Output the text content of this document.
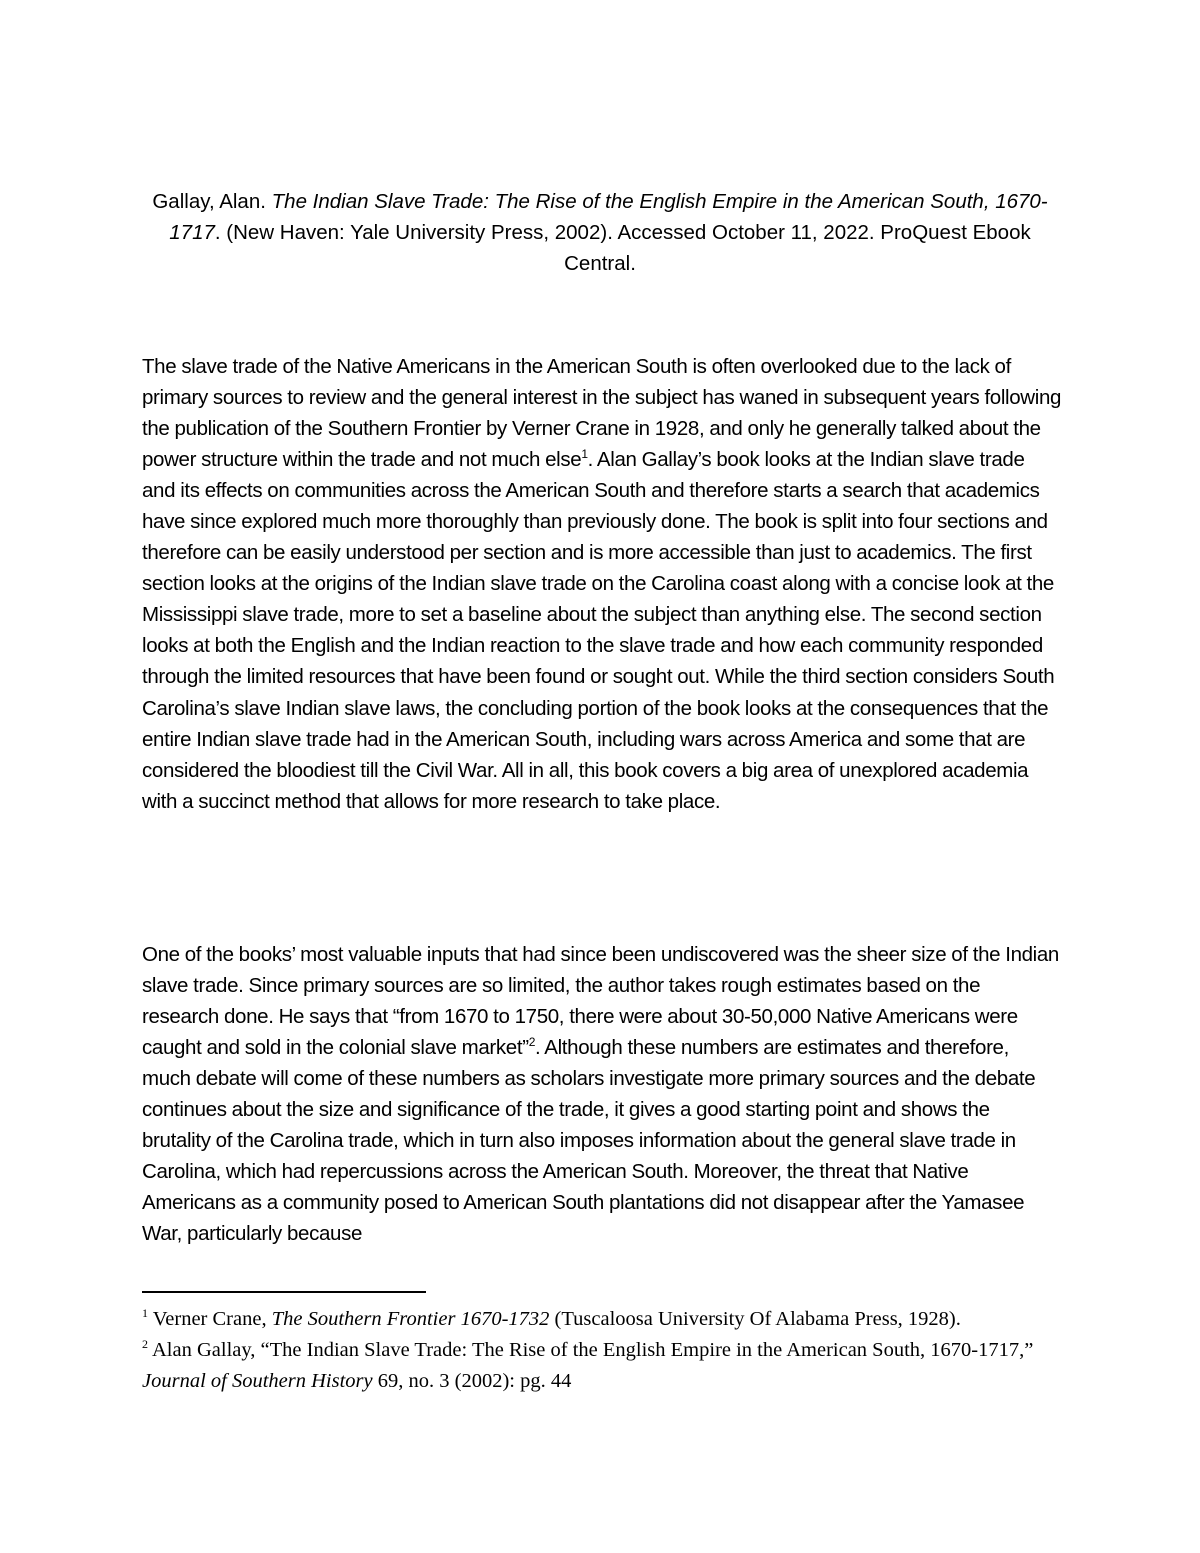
Gallay, Alan. The Indian Slave Trade: The Rise of the English Empire in the American South, 1670-1717. (New Haven: Yale University Press, 2002). Accessed October 11, 2022. ProQuest Ebook Central.
The slave trade of the Native Americans in the American South is often overlooked due to the lack of primary sources to review and the general interest in the subject has waned in subsequent years following the publication of the Southern Frontier by Verner Crane in 1928, and only he generally talked about the power structure within the trade and not much else$^1$. Alan Gallay’s book looks at the Indian slave trade and its effects on communities across the American South and therefore starts a search that academics have since explored much more thoroughly than previously done. The book is split into four sections and therefore can be easily understood per section and is more accessible than just to academics. The first section looks at the origins of the Indian slave trade on the Carolina coast along with a concise look at the Mississippi slave trade, more to set a baseline about the subject than anything else. The second section looks at both the English and the Indian reaction to the slave trade and how each community responded through the limited resources that have been found or sought out. While the third section considers South Carolina’s slave Indian slave laws, the concluding portion of the book looks at the consequences that the entire Indian slave trade had in the American South, including wars across America and some that are considered the bloodiest till the Civil War. All in all, this book covers a big area of unexplored academia with a succinct method that allows for more research to take place.
One of the books’ most valuable inputs that had since been undiscovered was the sheer size of the Indian slave trade. Since primary sources are so limited, the author takes rough estimates based on the research done. He says that “from 1670 to 1750, there were about 30-50,000 Native Americans were caught and sold in the colonial slave market”$^2$. Although these numbers are estimates and therefore, much debate will come of these numbers as scholars investigate more primary sources and the debate continues about the size and significance of the trade, it gives a good starting point and shows the brutality of the Carolina trade, which in turn also imposes information about the general slave trade in Carolina, which had repercussions across the American South. Moreover, the threat that Native Americans as a community posed to American South plantations did not disappear after the Yamasee War, particularly because

$^1$ Verner Crane, The Southern Frontier 1670-1732 (Tuscaloosa University Of Alabama Press, 1928).

$^2$ Alan Gallay, “The Indian Slave Trade: The Rise of the English Empire in the American South, 1670-1717,” Journal of Southern History 69, no. 3 (2002): pg. 44
